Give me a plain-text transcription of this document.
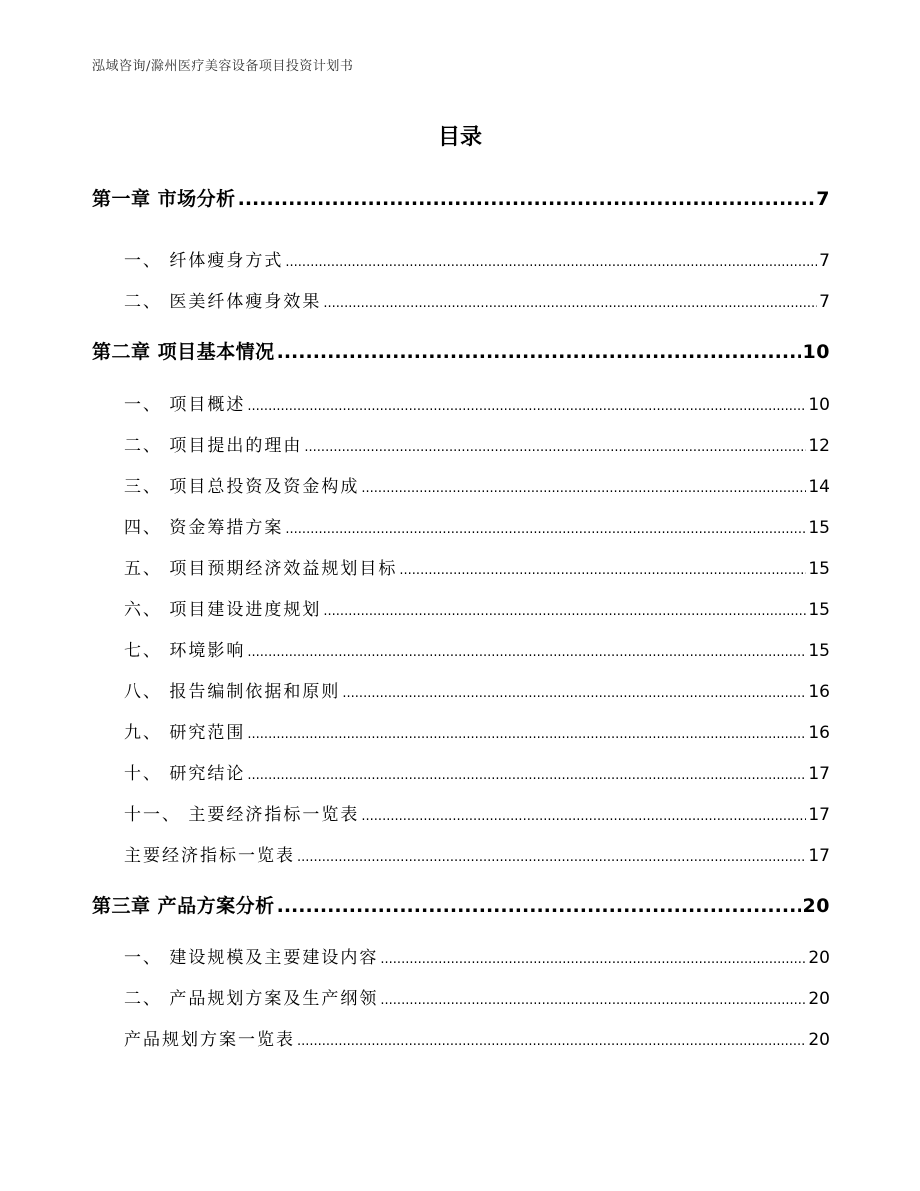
泓域咨询/滁州医疗美容设备项目投资计划书
目录
第一章 市场分析 .....	7
一、 纤体瘦身方式 .....	7
二、 医美纤体瘦身效果 .....	7
第二章 项目基本情况 .....	10
一、 项目概述 .....	10
二、 项目提出的理由 .....	12
三、 项目总投资及资金构成 .....	14
四、 资金筹措方案 .....	15
五、 项目预期经济效益规划目标 .....	15
六、 项目建设进度规划 .....	15
七、 环境影响 .....	15
八、 报告编制依据和原则 .....	16
九、 研究范围 .....	16
十、 研究结论 .....	17
十一、 主要经济指标一览表 .....	17
主要经济指标一览表 .....	17
第三章 产品方案分析 .....	20
一、 建设规模及主要建设内容 .....	20
二、 产品规划方案及生产纲领 .....	20
产品规划方案一览表 .....	20
